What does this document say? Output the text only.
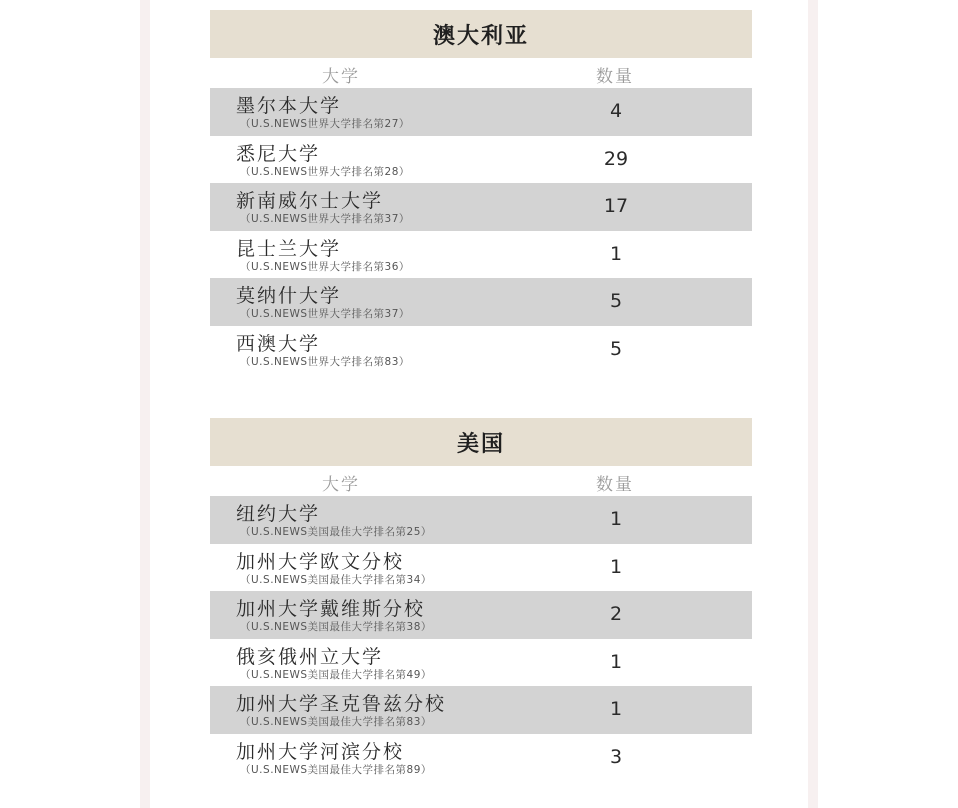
澳大利亚
大学	数量
墨尔本大学
（U.S.NEWS世界大学排名第27）
4
悉尼大学
（U.S.NEWS世界大学排名第28）
29
新南威尔士大学
（U.S.NEWS世界大学排名第37）
17
昆士兰大学
（U.S.NEWS世界大学排名第36）
1
莫纳什大学
（U.S.NEWS世界大学排名第37）
5
西澳大学
（U.S.NEWS世界大学排名第83）
5
美国
大学	数量
纽约大学
（U.S.NEWS美国最佳大学排名第25）
1
加州大学欧文分校
（U.S.NEWS美国最佳大学排名第34）
1
加州大学戴维斯分校
（U.S.NEWS美国最佳大学排名第38）
2
俄亥俄州立大学
（U.S.NEWS美国最佳大学排名第49）
1
加州大学圣克鲁兹分校
（U.S.NEWS美国最佳大学排名第83）
1
加州大学河滨分校
（U.S.NEWS美国最佳大学排名第89）
3
